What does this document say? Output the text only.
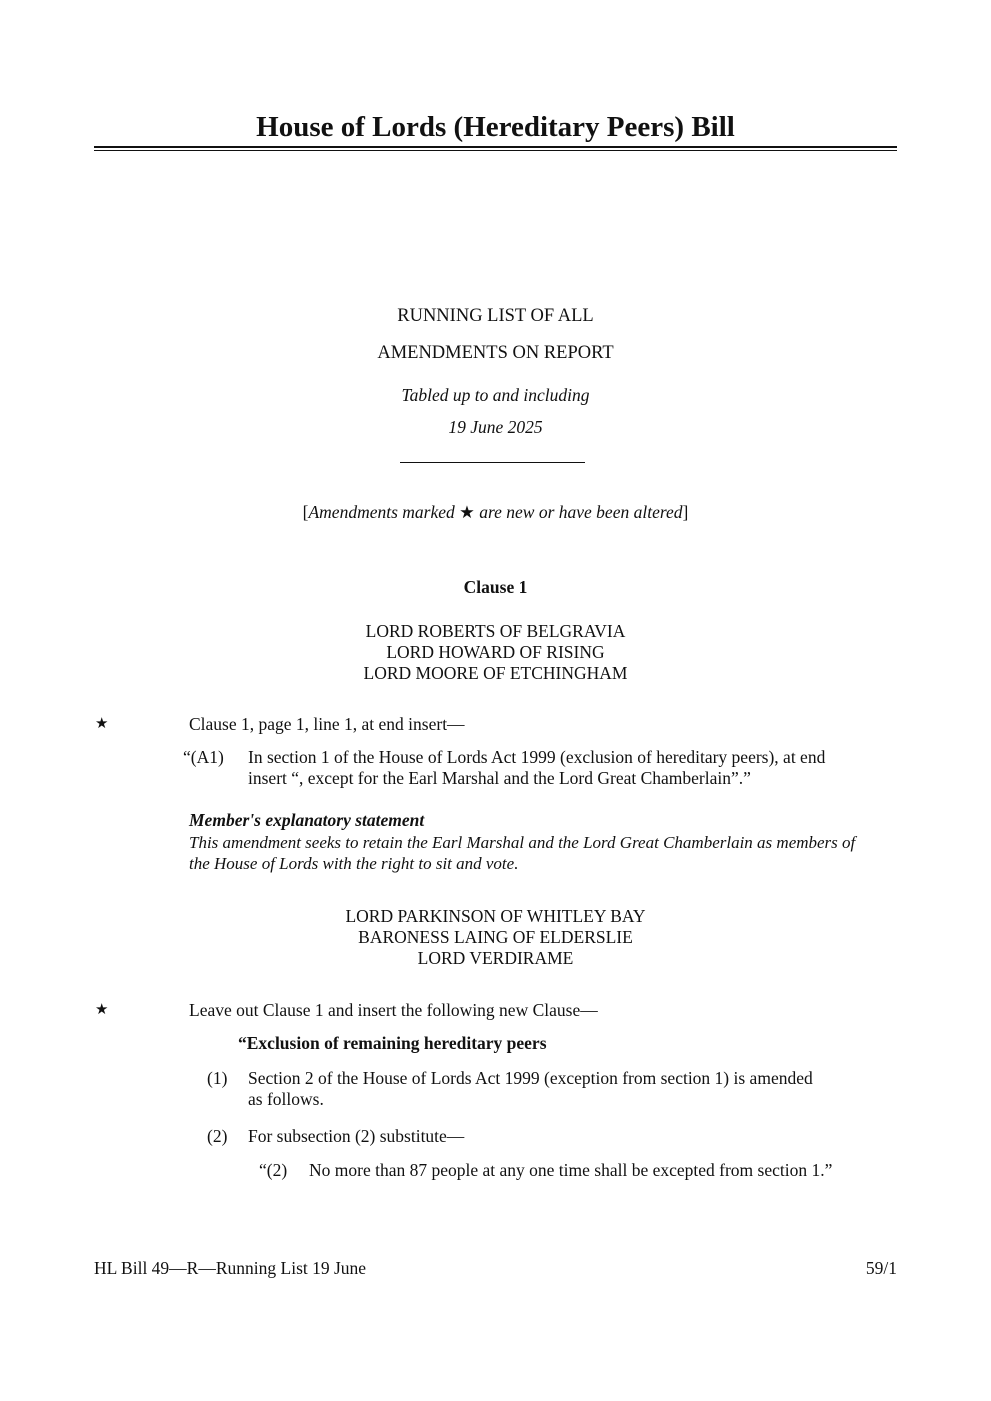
House of Lords (Hereditary Peers) Bill
RUNNING LIST OF ALL
AMENDMENTS ON REPORT
Tabled up to and including
19 June 2025
[Amendments marked ★ are new or have been altered]
Clause 1
LORD ROBERTS OF BELGRAVIA
LORD HOWARD OF RISING
LORD MOORE OF ETCHINGHAM
★	Clause 1, page 1, line 1, at end insert—
“(A1) In section 1 of the House of Lords Act 1999 (exclusion of hereditary peers), at end
insert “, except for the Earl Marshal and the Lord Great Chamberlain”.”
Member's explanatory statement
This amendment seeks to retain the Earl Marshal and the Lord Great Chamberlain as members of
the House of Lords with the right to sit and vote.
LORD PARKINSON OF WHITLEY BAY
BARONESS LAING OF ELDERSLIE
LORD VERDIRAME
★	Leave out Clause 1 and insert the following new Clause—
“Exclusion of remaining hereditary peers
(1) Section 2 of the House of Lords Act 1999 (exception from section 1) is amended
as follows.
(2) For subsection (2) substitute—
“(2) No more than 87 people at any one time shall be excepted from section 1.”
HL Bill 49—R—Running List 19 June	59/1
